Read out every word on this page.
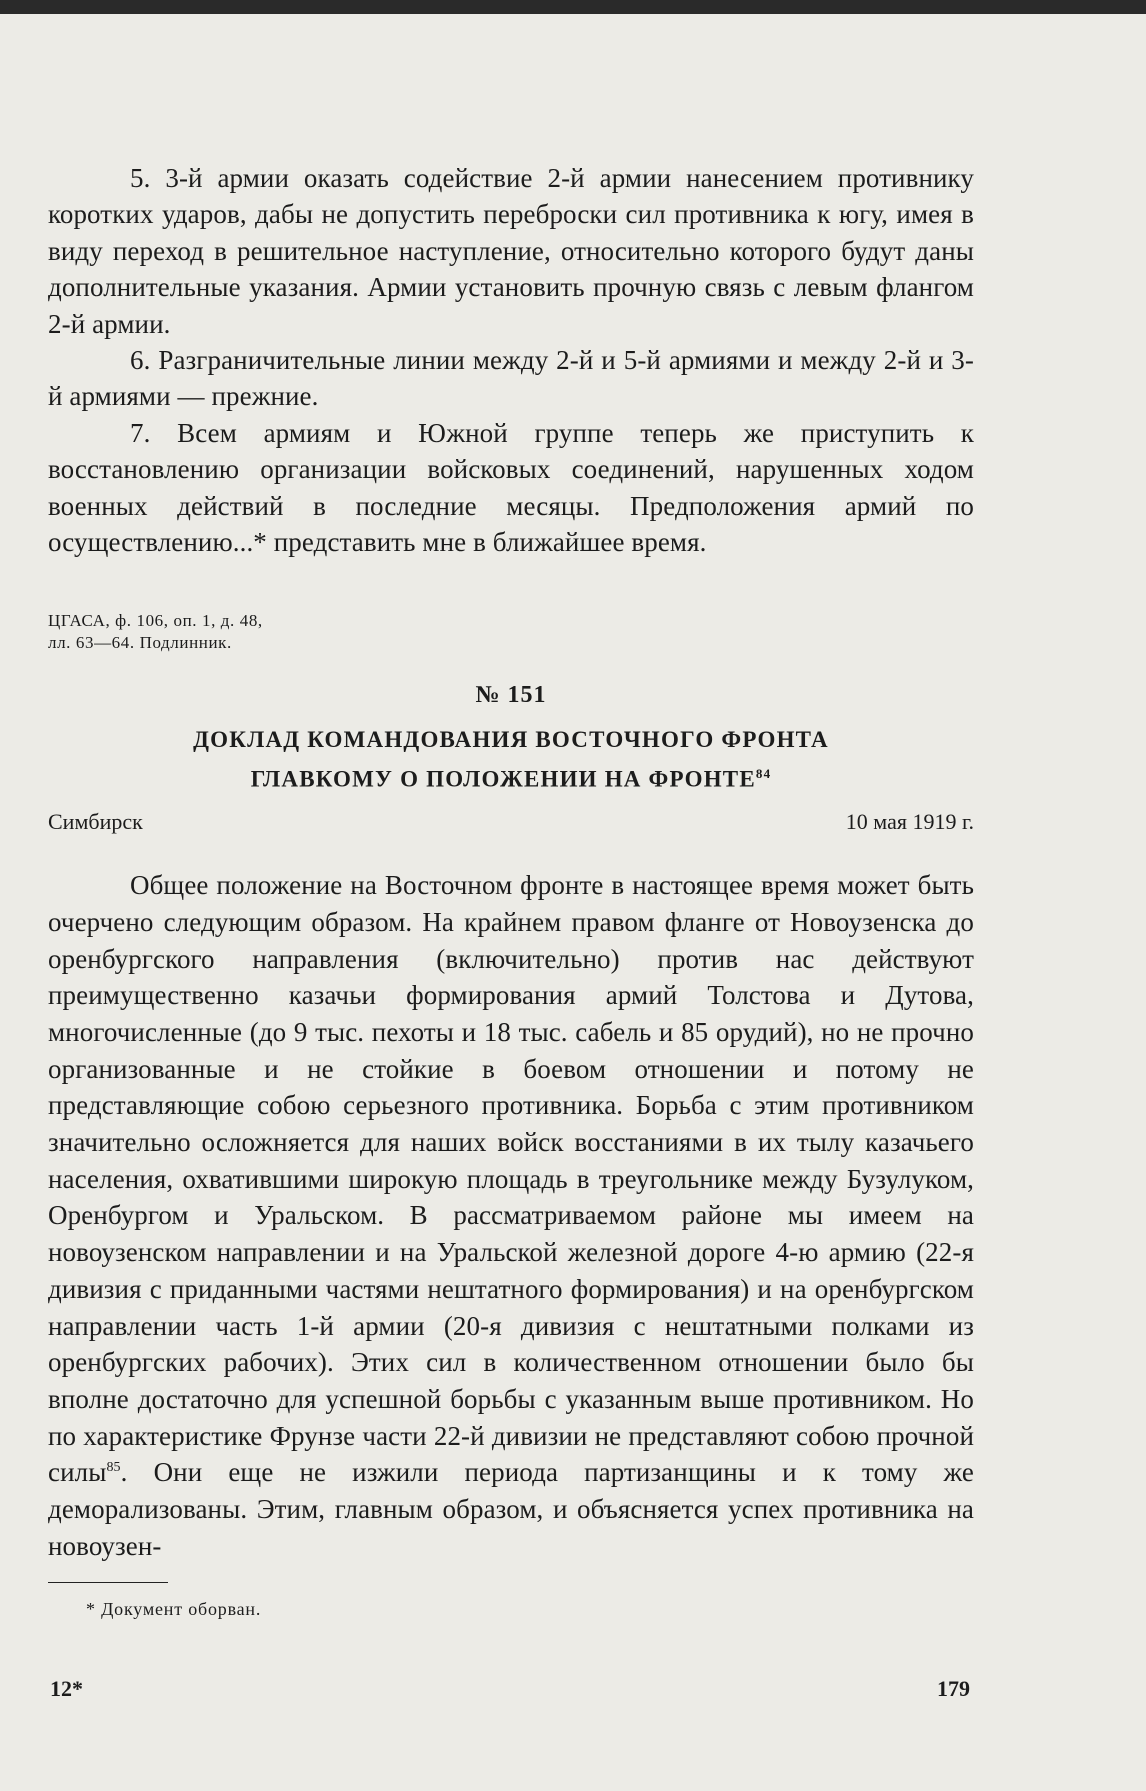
5. 3-й армии оказать содействие 2-й армии нанесением противнику коротких ударов, дабы не допустить переброски сил противника к югу, имея в виду переход в решительное наступление, относительно которого будут даны дополнительные указания. Армии установить прочную связь с левым флангом 2-й армии.

6. Разграничительные линии между 2-й и 5-й армиями и между 2-й и 3-й армиями — прежние.

7. Всем армиям и Южной группе теперь же приступить к восстановлению организации войсковых соединений, нарушенных ходом военных действий в последние месяцы. Предположения армий по осуществлению...* представить мне в ближайшее время.

ЦГАСА, ф. 106, оп. 1, д. 48,
лл. 63—64. Подлинник.
№ 151
ДОКЛАД КОМАНДОВАНИЯ ВОСТОЧНОГО ФРОНТА
ГЛАВКОМУ О ПОЛОЖЕНИИ НА ФРОНТЕ$^{84}$
Симбирск	10 мая 1919 г.

Общее положение на Восточном фронте в настоящее время может быть очерчено следующим образом. На крайнем правом фланге от Новоузенска до оренбургского направления (включительно) против нас действуют преимущественно казачьи формирования армий Толстова и Дутова, многочисленные (до 9 тыс. пехоты и 18 тыс. сабель и 85 орудий), но не прочно организованные и не стойкие в боевом отношении и потому не представляющие собою серьезного противника. Борьба с этим противником значительно осложняется для наших войск восстаниями в их тылу казачьего населения, охватившими широкую площадь в треугольнике между Бузулуком, Оренбургом и Уральском. В рассматриваемом районе мы имеем на новоузенском направлении и на Уральской железной дороге 4-ю армию (22-я дивизия с приданными частями нештатного формирования) и на оренбургском направлении часть 1-й армии (20-я дивизия с нештатными полками из оренбургских рабочих). Этих сил в количественном отношении было бы вполне достаточно для успешной борьбы с указанным выше противником. Но по характеристике Фрунзе части 22-й дивизии не представляют собою прочной силы$^{85}$. Они еще не изжили периода партизанщины и к тому же деморализованы. Этим, главным образом, и объясняется успех противника на новоузен-

* Документ оборван.
12*	179
